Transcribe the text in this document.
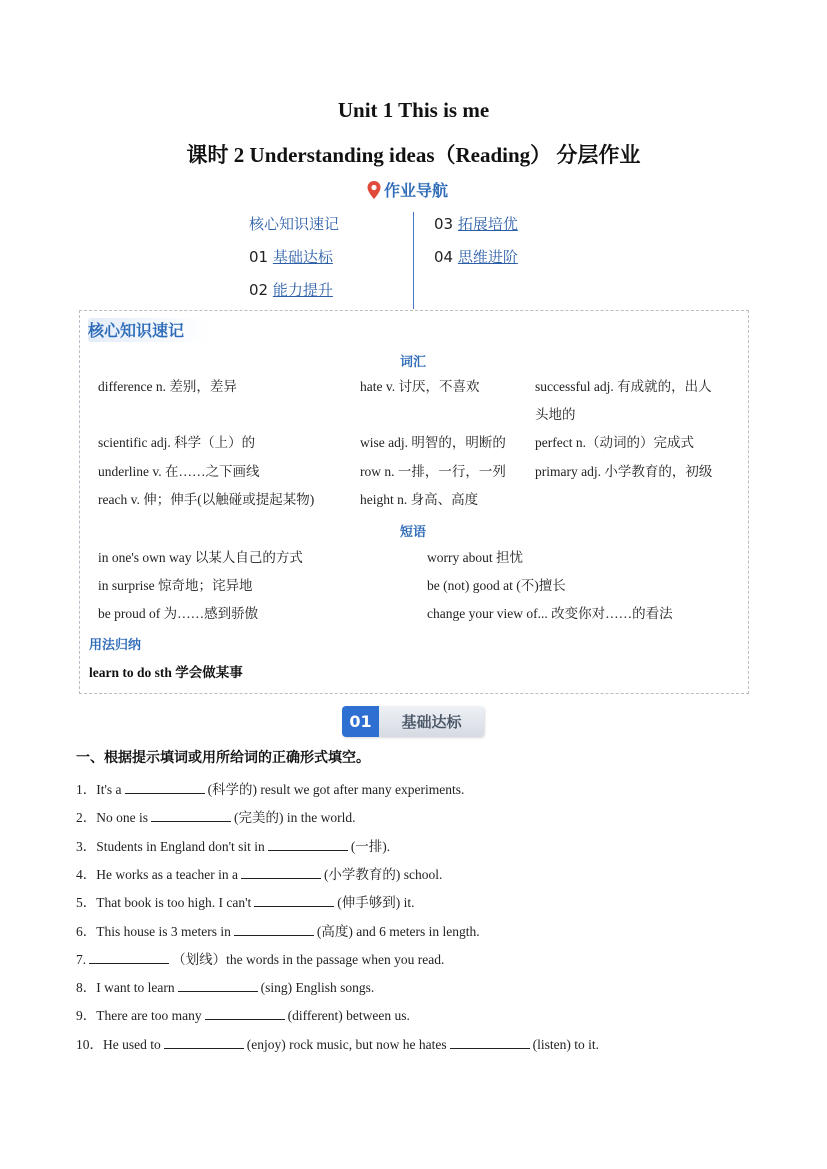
Unit 1 This is me
课时 2 Understanding ideas（Reading） 分层作业
作业导航
核心知识速记
01 基础达标
02 能力提升
03 拓展培优
04 思维进阶
核心知识速记
词汇
difference n. 差别，差异	hate v. 讨厌，不喜欢	successful adj. 有成就的，出人
头地的
scientific adj. 科学（上）的	wise adj. 明智的，明断的 perfect n.（动词的）完成式
underline v. 在……之下画线	row n. 一排，一行，一列 primary adj. 小学教育的，初级
reach v. 伸；伸手(以触碰或提起某物)	height n. 身高、高度
短语
in one's own way 以某人自己的方式	worry about 担忧
in surprise 惊奇地；诧异地	be (not) good at (不)擅长
be proud of 为……感到骄傲	change your view of... 改变你对……的看法
用法归纳
learn to do sth 学会做某事
01	基础达标
一、根据提示填词或用所给词的正确形式填空。
1．It's a	(科学的) result we got after many experiments.
2．No one is	(完美的) in the world.
3．Students in England don't sit in	(一排).
4．He works as a teacher in a	(小学教育的) school.
5．That book is too high. I can't	(伸手够到) it.
6．This house is 3 meters in	(高度) and 6 meters in length.
7.	（划线）the words in the passage when you read.
8．I want to learn	(sing) English songs.
9．There are too many	(different) between us.
10．He used to	(enjoy) rock music, but now he hates	(listen) to it.
